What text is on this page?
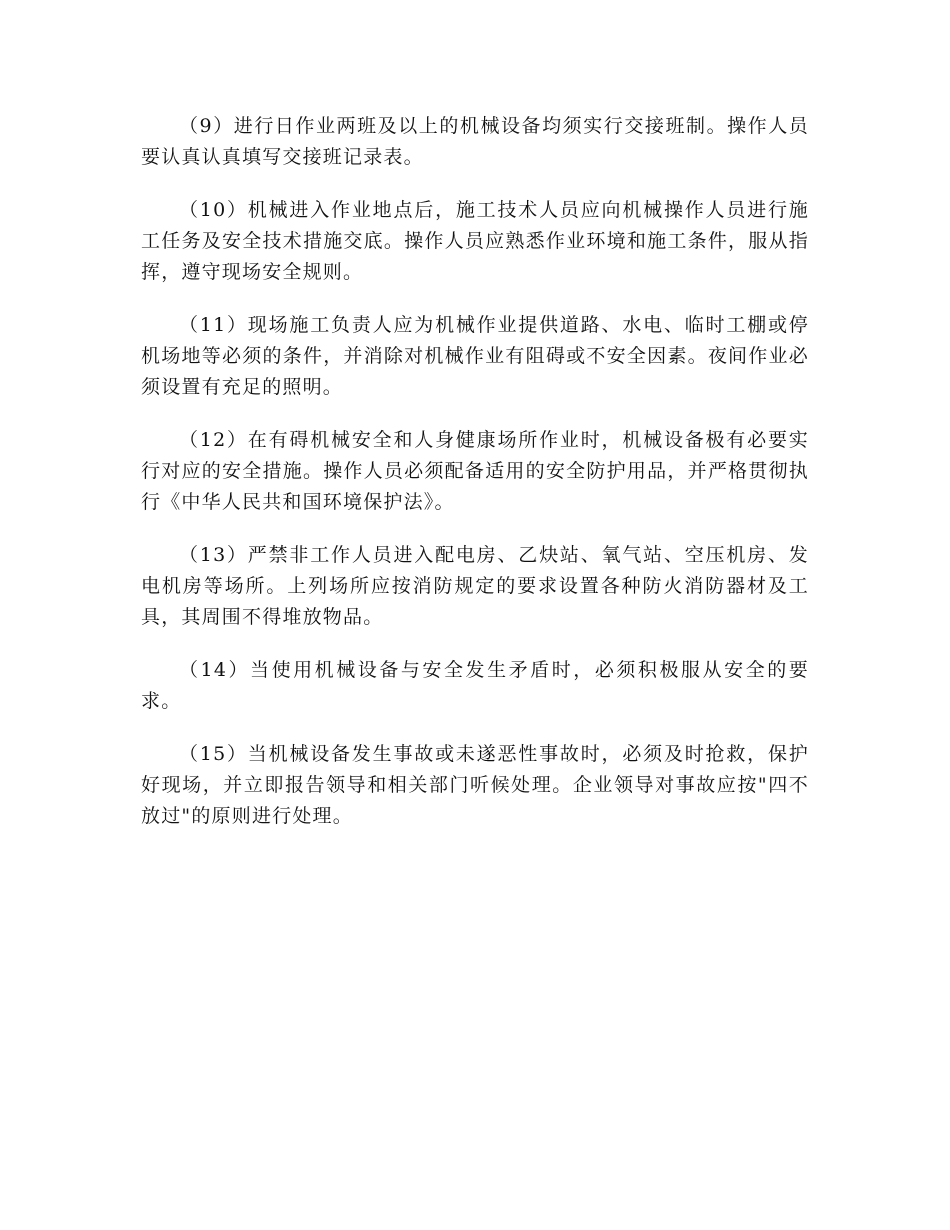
（9）进行日作业两班及以上的机械设备均须实行交接班制。操作人员要认真认真填写交接班记录表。

（10）机械进入作业地点后，施工技术人员应向机械操作人员进行施工任务及安全技术措施交底。操作人员应熟悉作业环境和施工条件，服从指挥，遵守现场安全规则。

（11）现场施工负责人应为机械作业提供道路、水电、临时工棚或停机场地等必须的条件，并消除对机械作业有阻碍或不安全因素。夜间作业必须设置有充足的照明。

（12）在有碍机械安全和人身健康场所作业时，机械设备极有必要实行对应的安全措施。操作人员必须配备适用的安全防护用品，并严格贯彻执行《中华人民共和国环境保护法》。

（13）严禁非工作人员进入配电房、乙炔站、氧气站、空压机房、发电机房等场所。上列场所应按消防规定的要求设置各种防火消防器材及工具，其周围不得堆放物品。

（14）当使用机械设备与安全发生矛盾时，必须积极服从安全的要求。

（15）当机械设备发生事故或未遂恶性事故时，必须及时抢救，保护好现场，并立即报告领导和相关部门听候处理。企业领导对事故应按"四不放过"的原则进行处理。
